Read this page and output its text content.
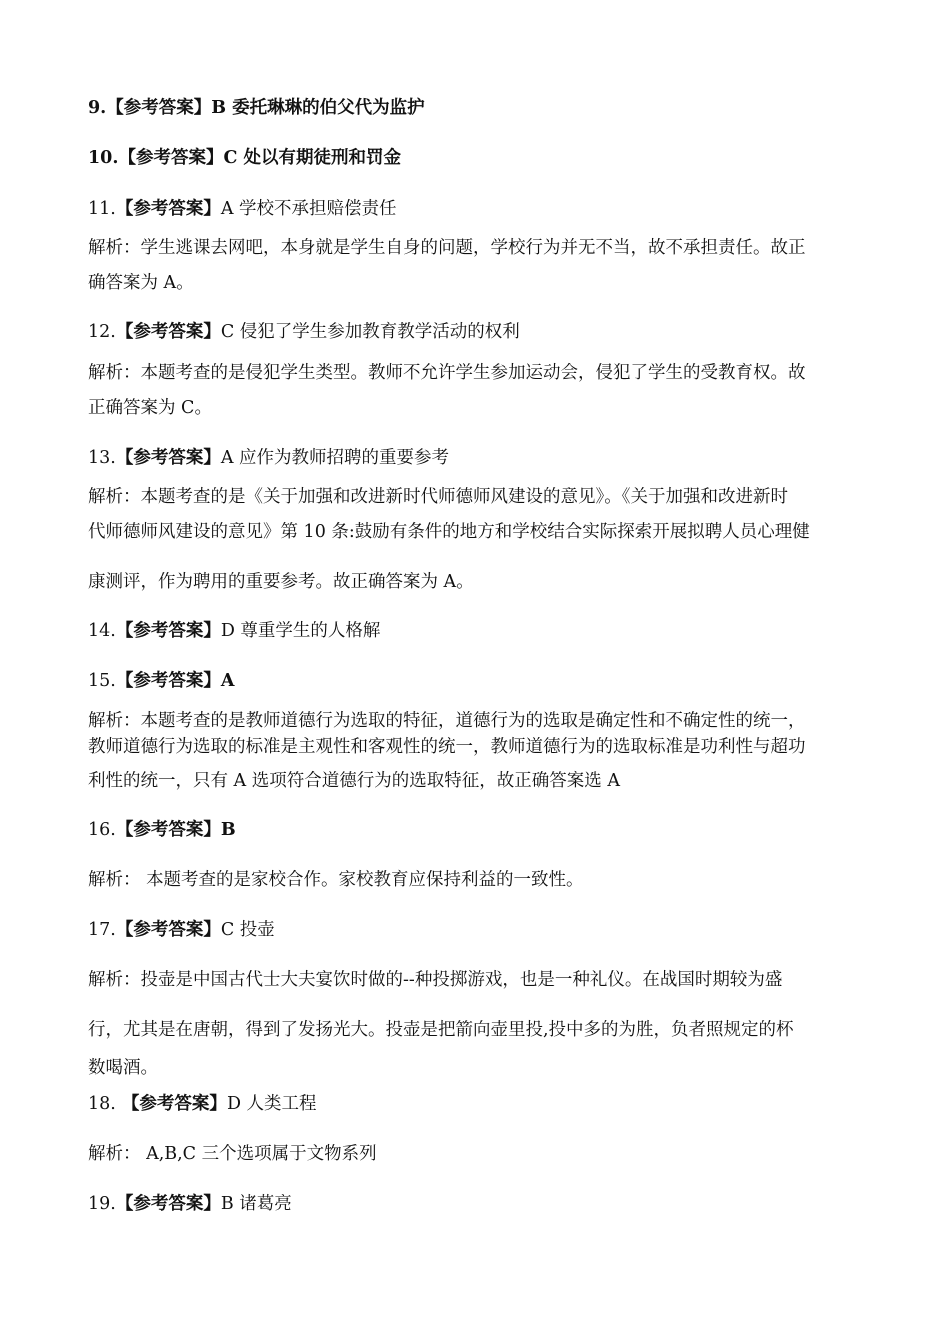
9.【参考答案】B 委托琳琳的伯父代为监护
10.【参考答案】C 处以有期徒刑和罚金
11.【参考答案】A 学校不承担赔偿责任
解析：学生逃课去网吧，本身就是学生自身的问题，学校行为并无不当，故不承担责任。故正
确答案为 A。
12.【参考答案】C 侵犯了学生参加教育教学活动的权利
解析：本题考查的是侵犯学生类型。教师不允许学生参加运动会，侵犯了学生的受教育权。故
正确答案为 C。
13.【参考答案】A 应作为教师招聘的重要参考
解析：本题考查的是《关于加强和改进新时代师德师风建设的意见》。《关于加强和改进新时
代师德师风建设的意见》第 10 条:鼓励有条件的地方和学校结合实际探索开展拟聘人员心理健
康测评，作为聘用的重要参考。故正确答案为 A。
14.【参考答案】D 尊重学生的人格解
15.【参考答案】A
解析：本题考查的是教师道德行为选取的特征，道德行为的选取是确定性和不确定性的统一，
教师道德行为选取的标准是主观性和客观性的统一，教师道德行为的选取标准是功利性与超功
利性的统一，只有 A 选项符合道德行为的选取特征，故正确答案选 A
16.【参考答案】B
解析： 本题考查的是家校合作。家校教育应保持利益的一致性。
17.【参考答案】C 投壶
解析：投壶是中国古代士大夫宴饮时做的--种投掷游戏，也是一种礼仪。在战国时期较为盛
行，尤其是在唐朝，得到了发扬光大。投壶是把箭向壶里投,投中多的为胜，负者照规定的杯
数喝酒。
18. 【参考答案】D 人类工程
解析： A,B,C 三个选项属于文物系列
19.【参考答案】B 诸葛亮
